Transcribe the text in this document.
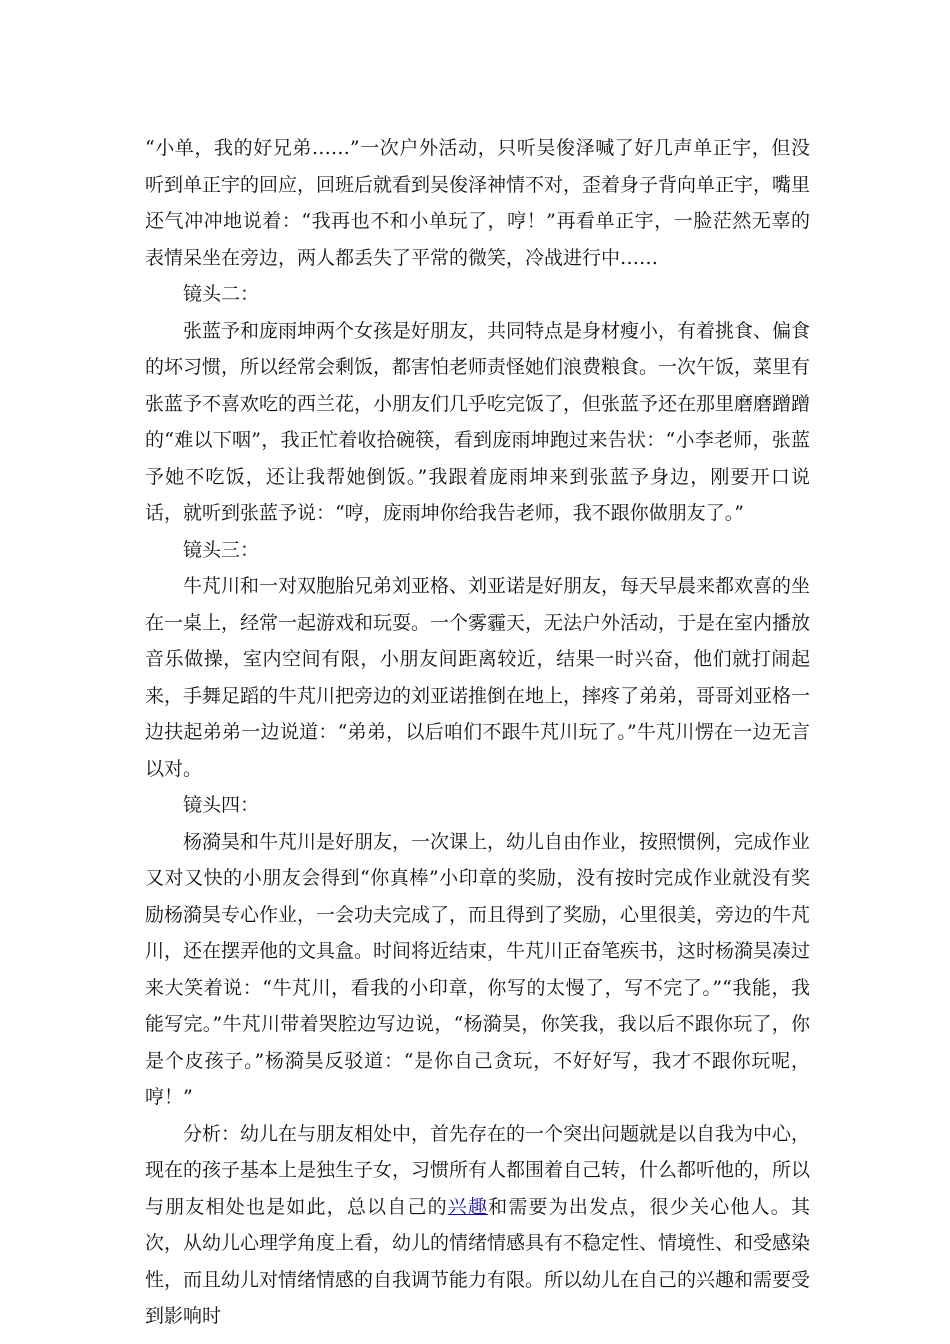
“小单，我的好兄弟……”一次户外活动，只听吴俊泽喊了好几声单正宇，但没听到单正宇的回应，回班后就看到吴俊泽神情不对，歪着身子背向单正宇，嘴里还气冲冲地说着：“我再也不和小单玩了，哼！”再看单正宇，一脸茫然无辜的表情呆坐在旁边，两人都丢失了平常的微笑，冷战进行中……

镜头二：

张蓝予和庞雨坤两个女孩是好朋友，共同特点是身材瘦小，有着挑食、偏食的坏习惯，所以经常会剩饭，都害怕老师责怪她们浪费粮食。一次午饭，菜里有张蓝予不喜欢吃的西兰花，小朋友们几乎吃完饭了，但张蓝予还在那里磨磨蹭蹭的“难以下咽”，我正忙着收拾碗筷，看到庞雨坤跑过来告状：“小李老师，张蓝予她不吃饭，还让我帮她倒饭。”我跟着庞雨坤来到张蓝予身边，刚要开口说话，就听到张蓝予说：“哼，庞雨坤你给我告老师，我不跟你做朋友了。”

镜头三：

牛芃川和一对双胞胎兄弟刘亚格、刘亚诺是好朋友，每天早晨来都欢喜的坐在一桌上，经常一起游戏和玩耍。一个雾霾天，无法户外活动，于是在室内播放音乐做操，室内空间有限，小朋友间距离较近，结果一时兴奋，他们就打闹起来，手舞足蹈的牛芃川把旁边的刘亚诺推倒在地上，摔疼了弟弟，哥哥刘亚格一边扶起弟弟一边说道：“弟弟，以后咱们不跟牛芃川玩了。”牛芃川愣在一边无言以对。

镜头四：

杨漪昊和牛芃川是好朋友，一次课上，幼儿自由作业，按照惯例，完成作业又对又快的小朋友会得到“你真棒”小印章的奖励，没有按时完成作业就没有奖励杨漪昊专心作业，一会功夫完成了，而且得到了奖励，心里很美，旁边的牛芃川，还在摆弄他的文具盒。时间将近结束，牛芃川正奋笔疾书，这时杨漪昊凑过来大笑着说：“牛芃川，看我的小印章，你写的太慢了，写不完了。”“我能，我能写完。”牛芃川带着哭腔边写边说，“杨漪昊，你笑我，我以后不跟你玩了，你是个皮孩子。”杨漪昊反驳道：“是你自己贪玩，不好好写，我才不跟你玩呢，哼！”

分析：幼儿在与朋友相处中，首先存在的一个突出问题就是以自我为中心，现在的孩子基本上是独生子女，习惯所有人都围着自己转，什么都听他的，所以与朋友相处也是如此，总以自己的兴趣和需要为出发点，很少关心他人。其次，从幼儿心理学角度上看，幼儿的情绪情感具有不稳定性、情境性、和受感染性，而且幼儿对情绪情感的自我调节能力有限。所以幼儿在自己的兴趣和需要受到影响时
